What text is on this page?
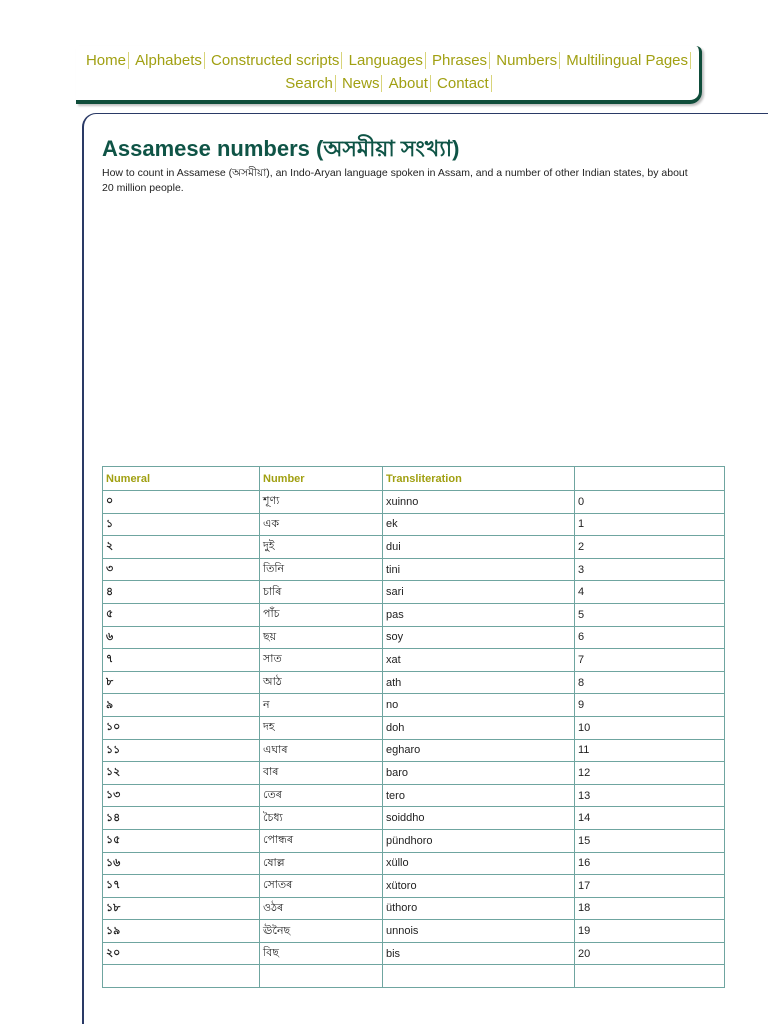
Home Alphabets Constructed scripts Languages Phrases Numbers Multilingual Pages
Search News About Contact
Assamese numbers (অসমীয়া সংখ্যা)

How to count in Assamese (অসমীয়া), an Indo-Aryan language spoken in Assam, and a number of other Indian states, by about 20 million people.

Numeral	Number	Transliteration	
০	শূণ্য	xuinno	0
১	এক	ek	1
২	দুই	dui	2
৩	তিনি	tini	3
৪	চাৰি	sari	4
৫	পাঁচ	pas	5
৬	ছয়	soy	6
৭	সাত	xat	7
৮	আঠ	ath	8
৯	ন	no	9
১০	দহ	doh	10
১১	এঘাৰ	egharo	11
১২	বাৰ	baro	12
১৩	তেৰ	tero	13
১৪	চৈধ্য	soiddho	14
১৫	পোন্ধৰ	pündhoro	15
১৬	ষোল্ল	xüllo	16
১৭	সোতৰ	xütoro	17
১৮	ওঠৰ	üthoro	18
১৯	ঊনৈছ	unnois	19
২০	বিছ	bis	20
